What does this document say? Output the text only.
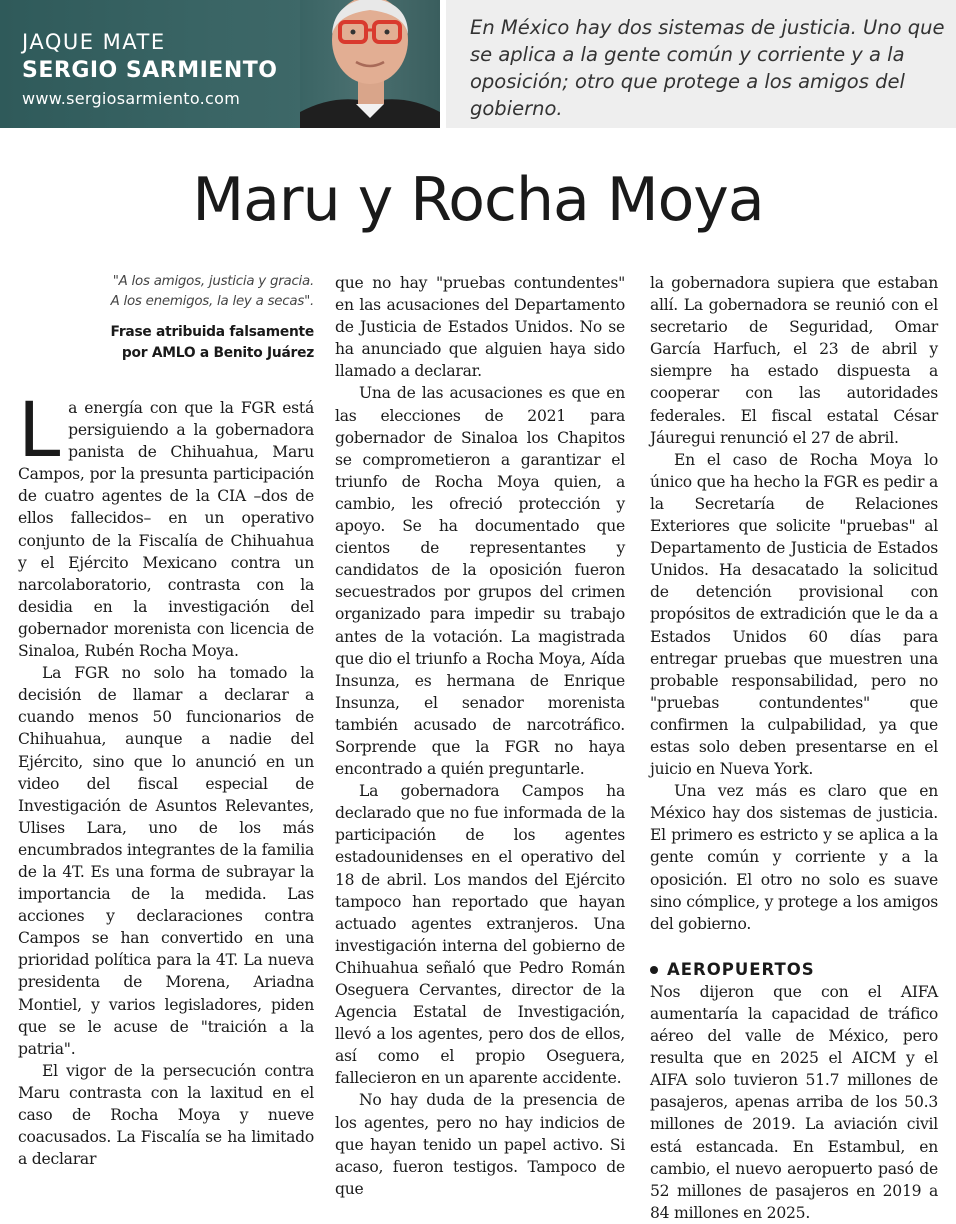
JAQUE MATE
SERGIO SARMIENTO
www.sergiosarmiento.com
En México hay dos sistemas de justicia. Uno que se aplica a la gente común y corriente y a la oposición; otro que protege a los amigos del gobierno.
Maru y Rocha Moya
"A los amigos, justicia y gracia.
A los enemigos, la ley a secas".
Frase atribuida falsamente
por AMLO a Benito Juárez

La energía con que la FGR está persiguiendo a la gobernadora panista de Chihuahua, Maru Campos, por la presunta participación de cuatro agentes de la CIA –dos de ellos fallecidos– en un operativo conjunto de la Fiscalía de Chihuahua y el Ejército Mexicano contra un narcolaboratorio, contrasta con la desidia en la investigación del gobernador morenista con licencia de Sinaloa, Rubén Rocha Moya.

La FGR no solo ha tomado la decisión de llamar a declarar a cuando menos 50 funcionarios de Chihuahua, aunque a nadie del Ejército, sino que lo anunció en un video del fiscal especial de Investigación de Asuntos Relevantes, Ulises Lara, uno de los más encumbrados integrantes de la familia de la 4T. Es una forma de subrayar la importancia de la medida. Las acciones y declaraciones contra Campos se han convertido en una prioridad política para la 4T. La nueva presidenta de Morena, Ariadna Montiel, y varios legisladores, piden que se le acuse de "traición a la patria".

El vigor de la persecución contra Maru contrasta con la laxitud en el caso de Rocha Moya y nueve coacusados. La Fiscalía se ha limitado a declarar

que no hay "pruebas contundentes" en las acusaciones del Departamento de Justicia de Estados Unidos. No se ha anunciado que alguien haya sido llamado a declarar.

Una de las acusaciones es que en las elecciones de 2021 para gobernador de Sinaloa los Chapitos se comprometieron a garantizar el triunfo de Rocha Moya quien, a cambio, les ofreció protección y apoyo. Se ha documentado que cientos de representantes y candidatos de la oposición fueron secuestrados por grupos del crimen organizado para impedir su trabajo antes de la votación. La magistrada que dio el triunfo a Rocha Moya, Aída Insunza, es hermana de Enrique Insunza, el senador morenista también acusado de narcotráfico. Sorprende que la FGR no haya encontrado a quién preguntarle.

La gobernadora Campos ha declarado que no fue informada de la participación de los agentes estadounidenses en el operativo del 18 de abril. Los mandos del Ejército tampoco han reportado que hayan actuado agentes extranjeros. Una investigación interna del gobierno de Chihuahua señaló que Pedro Román Oseguera Cervantes, director de la Agencia Estatal de Investigación, llevó a los agentes, pero dos de ellos, así como el propio Oseguera, fallecieron en un aparente accidente.

No hay duda de la presencia de los agentes, pero no hay indicios de que hayan tenido un papel activo. Si acaso, fueron testigos. Tampoco de que

la gobernadora supiera que estaban allí. La gobernadora se reunió con el secretario de Seguridad, Omar García Harfuch, el 23 de abril y siempre ha estado dispuesta a cooperar con las autoridades federales. El fiscal estatal César Jáuregui renunció el 27 de abril.

En el caso de Rocha Moya lo único que ha hecho la FGR es pedir a la Secretaría de Relaciones Exteriores que solicite "pruebas" al Departamento de Justicia de Estados Unidos. Ha desacatado la solicitud de detención provisional con propósitos de extradición que le da a Estados Unidos 60 días para entregar pruebas que muestren una probable responsabilidad, pero no "pruebas contundentes" que confirmen la culpabilidad, ya que estas solo deben presentarse en el juicio en Nueva York.

Una vez más es claro que en México hay dos sistemas de justicia. El primero es estricto y se aplica a la gente común y corriente y a la oposición. El otro no solo es suave sino cómplice, y protege a los amigos del gobierno.

AEROPUERTOS

Nos dijeron que con el AIFA aumentaría la capacidad de tráfico aéreo del valle de México, pero resulta que en 2025 el AICM y el AIFA solo tuvieron 51.7 millones de pasajeros, apenas arriba de los 50.3 millones de 2019. La aviación civil está estancada. En Estambul, en cambio, el nuevo aeropuerto pasó de 52 millones de pasajeros en 2019 a 84 millones en 2025.
